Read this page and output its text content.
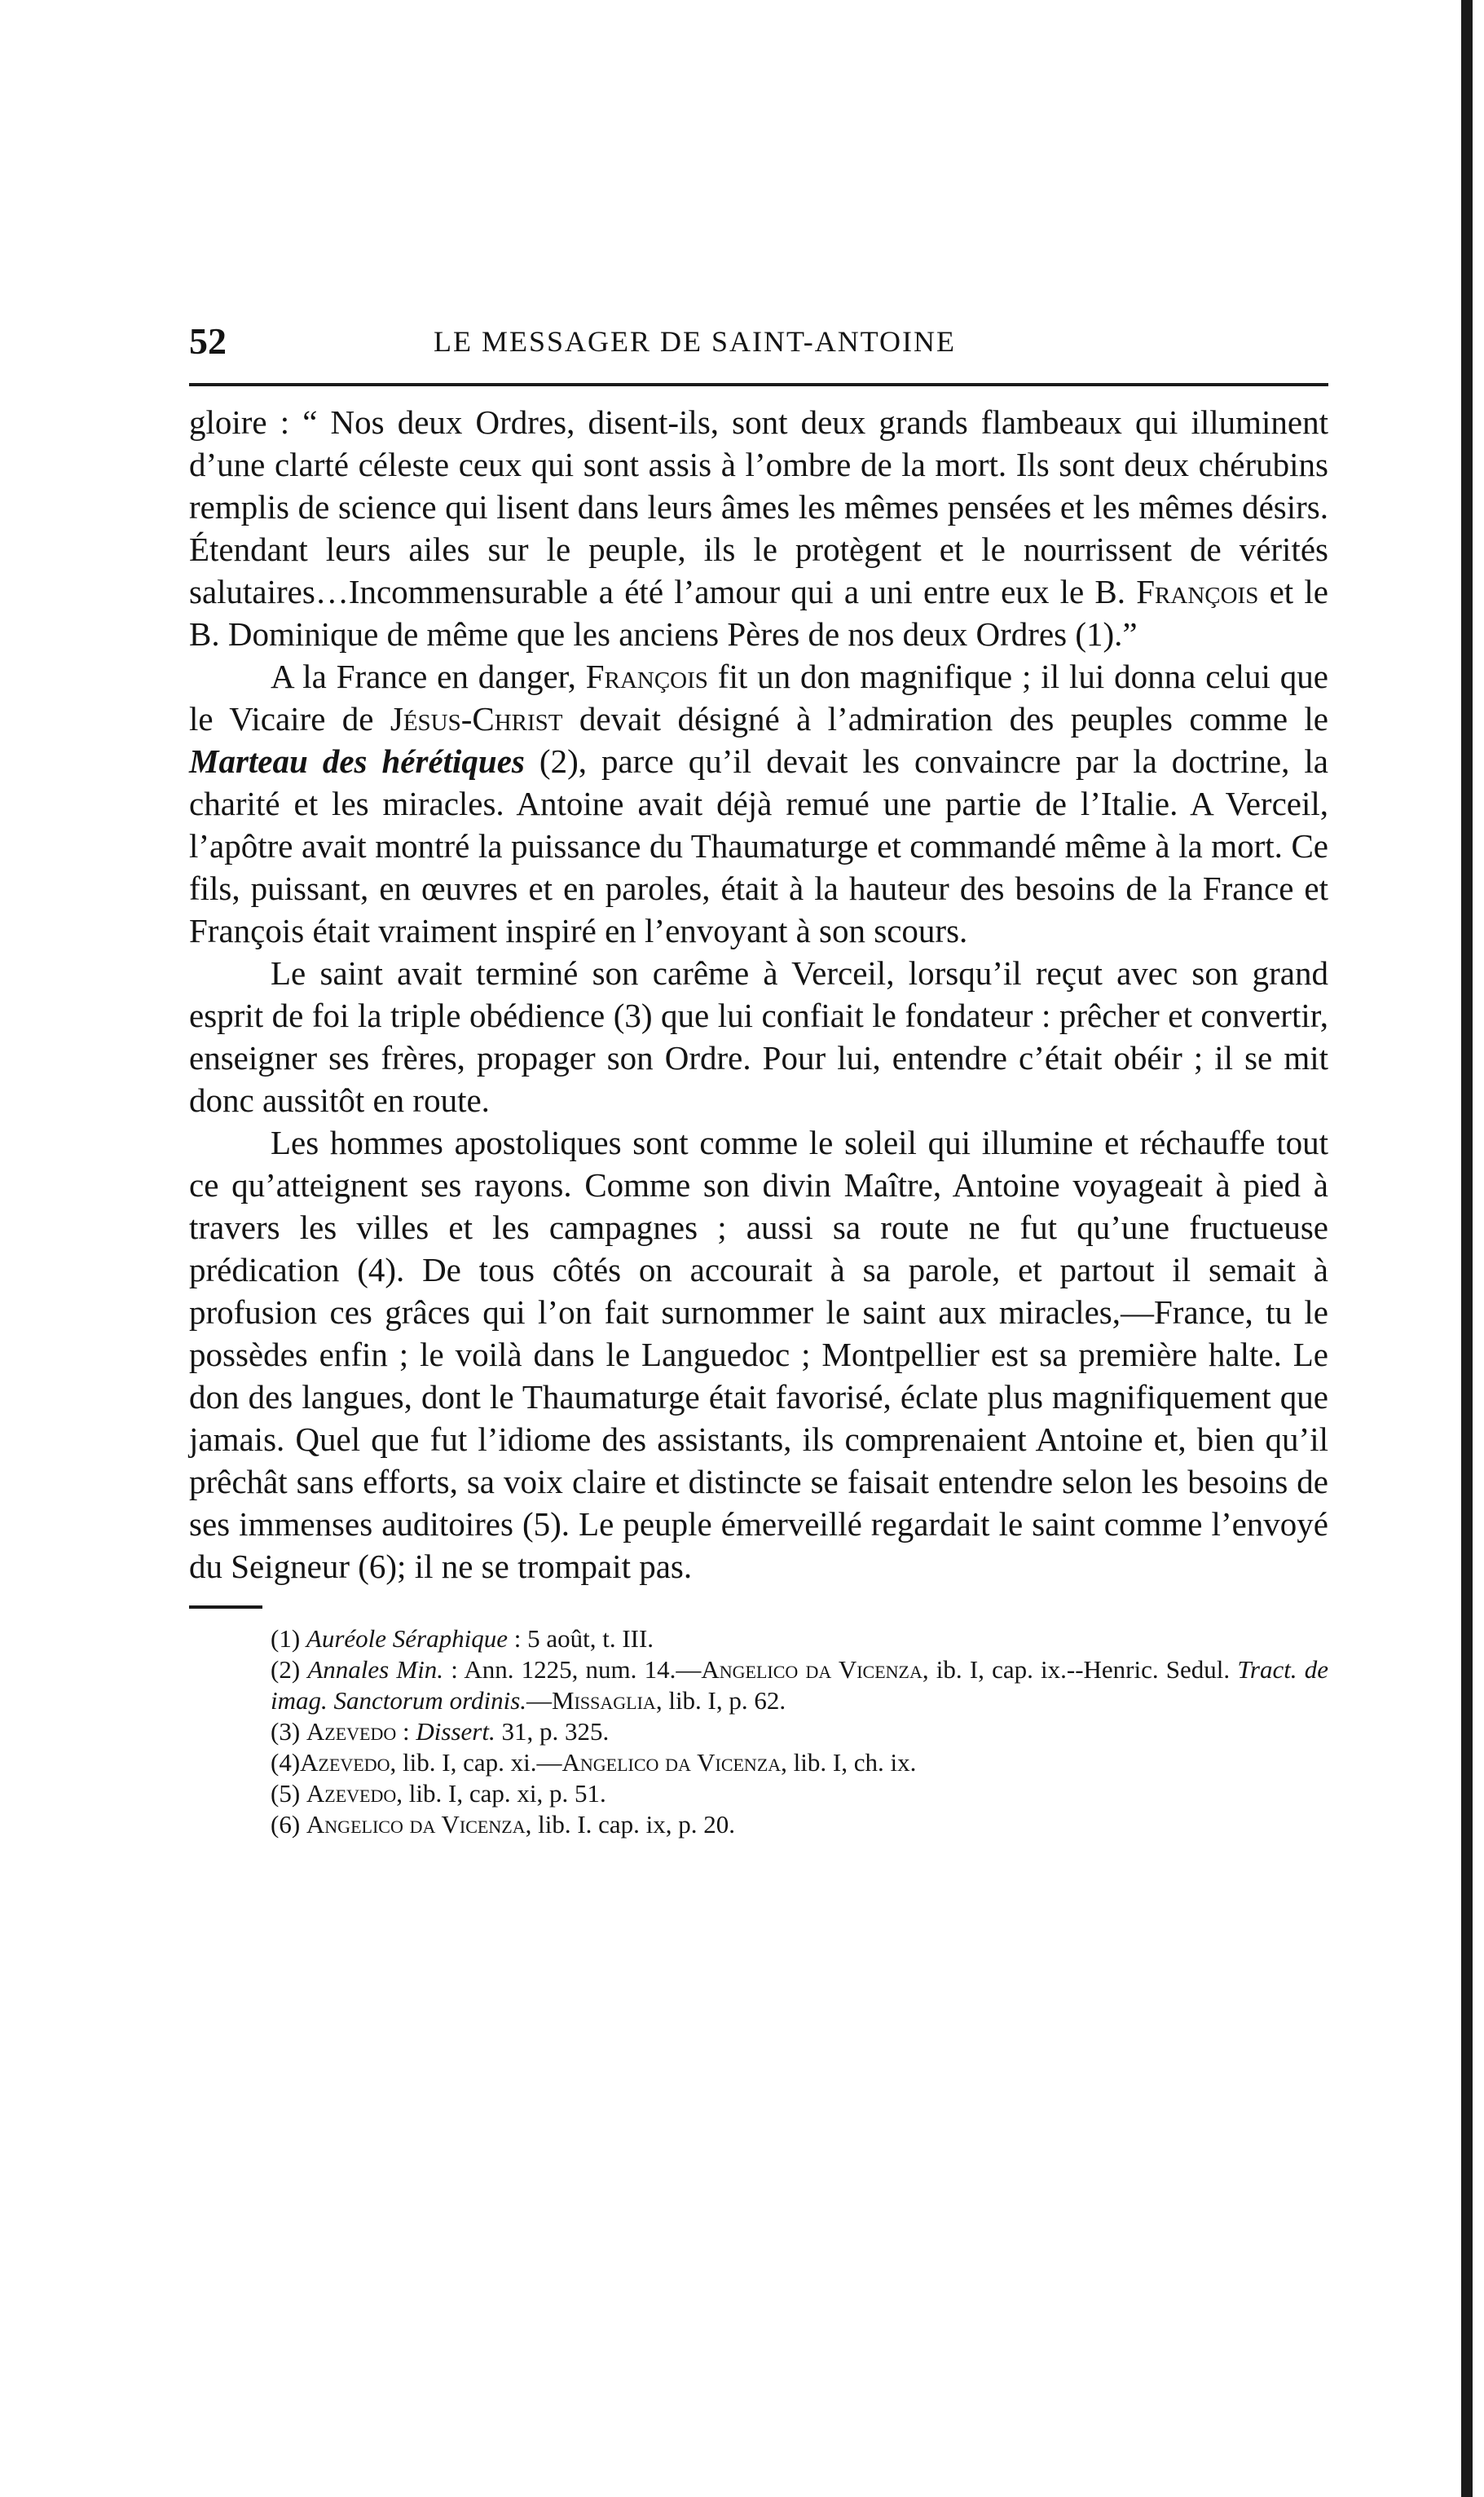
52	LE MESSAGER DE SAINT-ANTOINE

gloire : “ Nos deux Ordres, disent-ils, sont deux grands flambeaux qui illuminent d’une clarté céleste ceux qui sont assis à l’ombre de la mort. Ils sont deux chérubins remplis de science qui lisent dans leurs âmes les mêmes pensées et les mêmes désirs. Étendant leurs ailes sur le peuple, ils le protègent et le nourrissent de vérités salutaires…Incommensurable a été l’amour qui a uni entre eux le B. François et le B. Dominique de même que les anciens Pères de nos deux Ordres (1).”

A la France en danger, François fit un don magnifique ; il lui donna celui que le Vicaire de Jésus-Christ devait désigné à l’admiration des peuples comme le Marteau des hérétiques (2), parce qu’il devait les convaincre par la doctrine, la charité et les miracles. Antoine avait déjà remué une partie de l’Italie. A Verceil, l’apôtre avait montré la puissance du Thaumaturge et commandé même à la mort. Ce fils, puissant, en œuvres et en paroles, était à la hauteur des besoins de la France et François était vraiment inspiré en l’envoyant à son scours.

Le saint avait terminé son carême à Verceil, lorsqu’il reçut avec son grand esprit de foi la triple obédience (3) que lui confiait le fondateur : prêcher et convertir, enseigner ses frères, propager son Ordre. Pour lui, entendre c’était obéir ; il se mit donc aussitôt en route.

Les hommes apostoliques sont comme le soleil qui illumine et réchauffe tout ce qu’atteignent ses rayons. Comme son divin Maître, Antoine voyageait à pied à travers les villes et les campagnes ; aussi sa route ne fut qu’une fructueuse prédication (4). De tous côtés on accourait à sa parole, et partout il semait à profusion ces grâces qui l’on fait surnommer le saint aux miracles,—France, tu le possèdes enfin ; le voilà dans le Languedoc ; Montpellier est sa première halte. Le don des langues, dont le Thaumaturge était favorisé, éclate plus magnifiquement que jamais. Quel que fut l’idiome des assistants, ils comprenaient Antoine et, bien qu’il prêchât sans efforts, sa voix claire et distincte se faisait entendre selon les besoins de ses immenses auditoires (5). Le peuple émerveillé regardait le saint comme l’envoyé du Seigneur (6); il ne se trompait pas.

(1) Auréole Séraphique : 5 août, t. III.

(2) Annales Min. : Ann. 1225, num. 14.—Angelico da Vicenza, ib. I, cap. ix.--Henric. Sedul. Tract. de imag. Sanctorum ordinis.—Missaglia, lib. I, p. 62.

(3) Azevedo : Dissert. 31, p. 325.

(4)Azevedo, lib. I, cap. xi.—Angelico da Vicenza, lib. I, ch. ix.

(5) Azevedo, lib. I, cap. xi, p. 51.

(6) Angelico da Vicenza, lib. I. cap. ix, p. 20.
